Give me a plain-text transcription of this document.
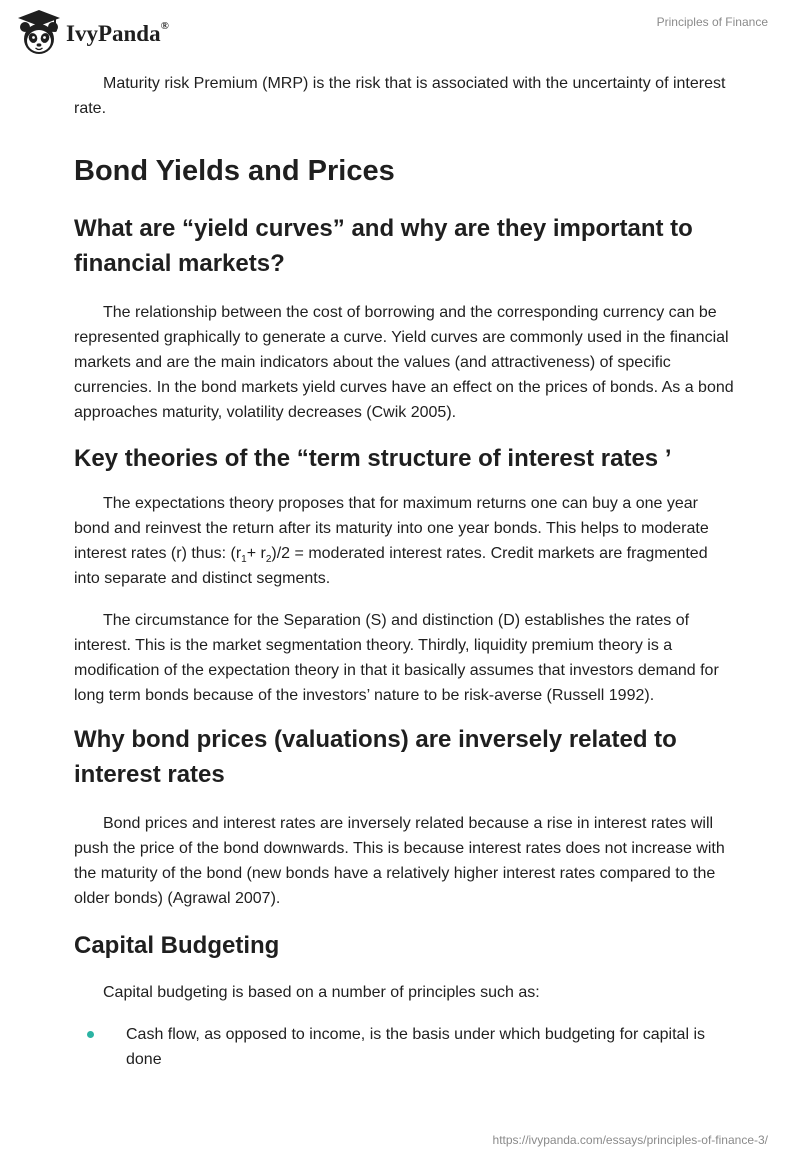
IvyPanda®	Principles of Finance

Maturity risk Premium (MRP) is the risk that is associated with the uncertainty of interest rate.

Bond Yields and Prices
What are “yield curves” and why are they important to financial markets?

The relationship between the cost of borrowing and the corresponding currency can be represented graphically to generate a curve. Yield curves are commonly used in the financial markets and are the main indicators about the values (and attractiveness) of specific currencies. In the bond markets yield curves have an effect on the prices of bonds. As a bond approaches maturity, volatility decreases (Cwik 2005).

Key theories of the “term structure of interest rates ’

The expectations theory proposes that for maximum returns one can buy a one year bond and reinvest the return after its maturity into one year bonds. This helps to moderate interest rates (r) thus: $(r_1+ r_2)/2$ = moderated interest rates. Credit markets are fragmented into separate and distinct segments.

The circumstance for the Separation (S) and distinction (D) establishes the rates of interest. This is the market segmentation theory. Thirdly, liquidity premium theory is a modification of the expectation theory in that it basically assumes that investors demand for long term bonds because of the investors’ nature to be risk-averse (Russell 1992).

Why bond prices (valuations) are inversely related to interest rates

Bond prices and interest rates are inversely related because a rise in interest rates will push the price of the bond downwards. This is because interest rates does not increase with the maturity of the bond (new bonds have a relatively higher interest rates compared to the older bonds) (Agrawal 2007).

Capital Budgeting

Capital budgeting is based on a number of principles such as:

Cash flow, as opposed to income, is the basis under which budgeting for capital is done
https://ivypanda.com/essays/principles-of-finance-3/
